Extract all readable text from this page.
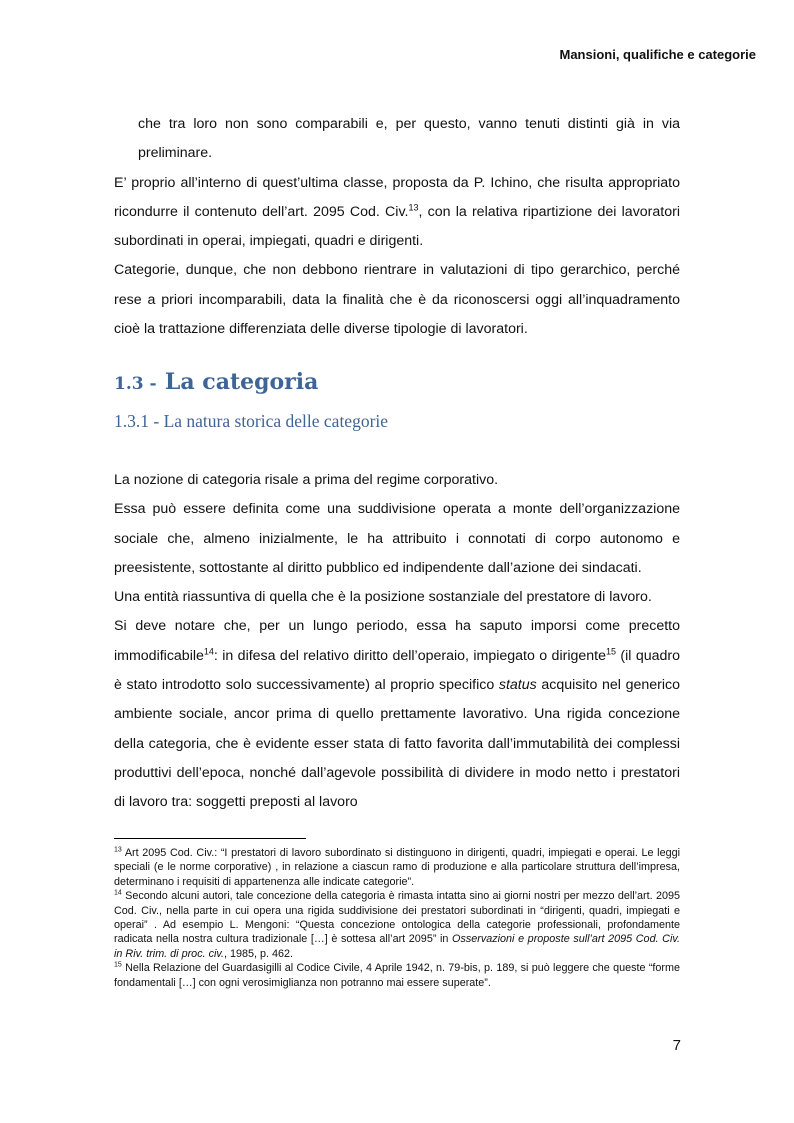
Mansioni, qualifiche e categorie

che tra loro non sono comparabili e, per questo, vanno tenuti distinti già in via preliminare.

E’ proprio all’interno di quest’ultima classe, proposta da P. Ichino, che risulta appropriato ricondurre il contenuto dell’art. 2095 Cod. Civ.$^{13}$, con la relativa ripartizione dei lavoratori subordinati in operai, impiegati, quadri e dirigenti.

Categorie, dunque, che non debbono rientrare in valutazioni di tipo gerarchico, perché rese a priori incomparabili, data la finalità che è da riconoscersi oggi all’inquadramento cioè la trattazione differenziata delle diverse tipologie di lavoratori.

1.3 - La categoria
1.3.1 - La natura storica delle categorie

La nozione di categoria risale a prima del regime corporativo.

Essa può essere definita come una suddivisione operata a monte dell’organizzazione sociale che, almeno inizialmente, le ha attribuito i connotati di corpo autonomo e preesistente, sottostante al diritto pubblico ed indipendente dall’azione dei sindacati.

Una entità riassuntiva di quella che è la posizione sostanziale del prestatore di lavoro.

Si deve notare che, per un lungo periodo, essa ha saputo imporsi come precetto immodificabile$^{14}$: in difesa del relativo diritto dell’operaio, impiegato o dirigente$^{15}$ (il quadro è stato introdotto solo successivamente) al proprio specifico status acquisito nel generico ambiente sociale, ancor prima di quello prettamente lavorativo. Una rigida concezione della categoria, che è evidente esser stata di fatto favorita dall’immutabilità dei complessi produttivi dell’epoca, nonché dall’agevole possibilità di dividere in modo netto i prestatori di lavoro tra: soggetti preposti al lavoro

$^{13}$ Art 2095 Cod. Civ.: “I prestatori di lavoro subordinato si distinguono in dirigenti, quadri, impiegati e operai. Le leggi speciali (e le norme corporative) , in relazione a ciascun ramo di produzione e alla particolare struttura dell’impresa, determinano i requisiti di appartenenza alle indicate categorie”.

$^{14}$ Secondo alcuni autori, tale concezione della categoria è rimasta intatta sino ai giorni nostri per mezzo dell’art. 2095 Cod. Civ., nella parte in cui opera una rigida suddivisione dei prestatori subordinati in “dirigenti, quadri, impiegati e operai” . Ad esempio L. Mengoni: “Questa concezione ontologica della categorie professionali, profondamente radicata nella nostra cultura tradizionale […] è sottesa all’art 2095” in Osservazioni e proposte sull’art 2095 Cod. Civ. in Riv. trim. di proc. civ., 1985, p. 462.

$^{15}$ Nella Relazione del Guardasigilli al Codice Civile, 4 Aprile 1942, n. 79-bis, p. 189, si può leggere che queste “forme fondamentali […] con ogni verosimiglianza non potranno mai essere superate”.

7
